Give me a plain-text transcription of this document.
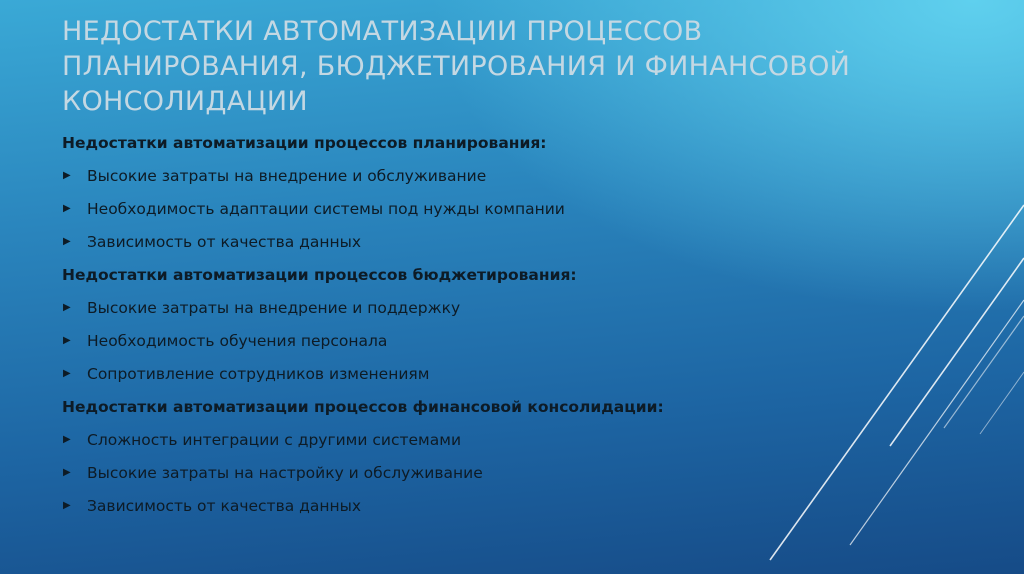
НЕДОСТАТКИ АВТОМАТИЗАЦИИ ПРОЦЕССОВ ПЛАНИРОВАНИЯ, БЮДЖЕТИРОВАНИЯ И ФИНАНСОВОЙ КОНСОЛИДАЦИИ
Недостатки автоматизации процессов планирования:
▶ Высокие затраты на внедрение и обслуживание
▶ Необходимость адаптации системы под нужды компании
▶ Зависимость от качества данных
Недостатки автоматизации процессов бюджетирования:
▶ Высокие затраты на внедрение и поддержку
▶ Необходимость обучения персонала
▶ Сопротивление сотрудников изменениям
Недостатки автоматизации процессов финансовой консолидации:
▶ Сложность интеграции с другими системами
▶ Высокие затраты на настройку и обслуживание
▶ Зависимость от качества данных
